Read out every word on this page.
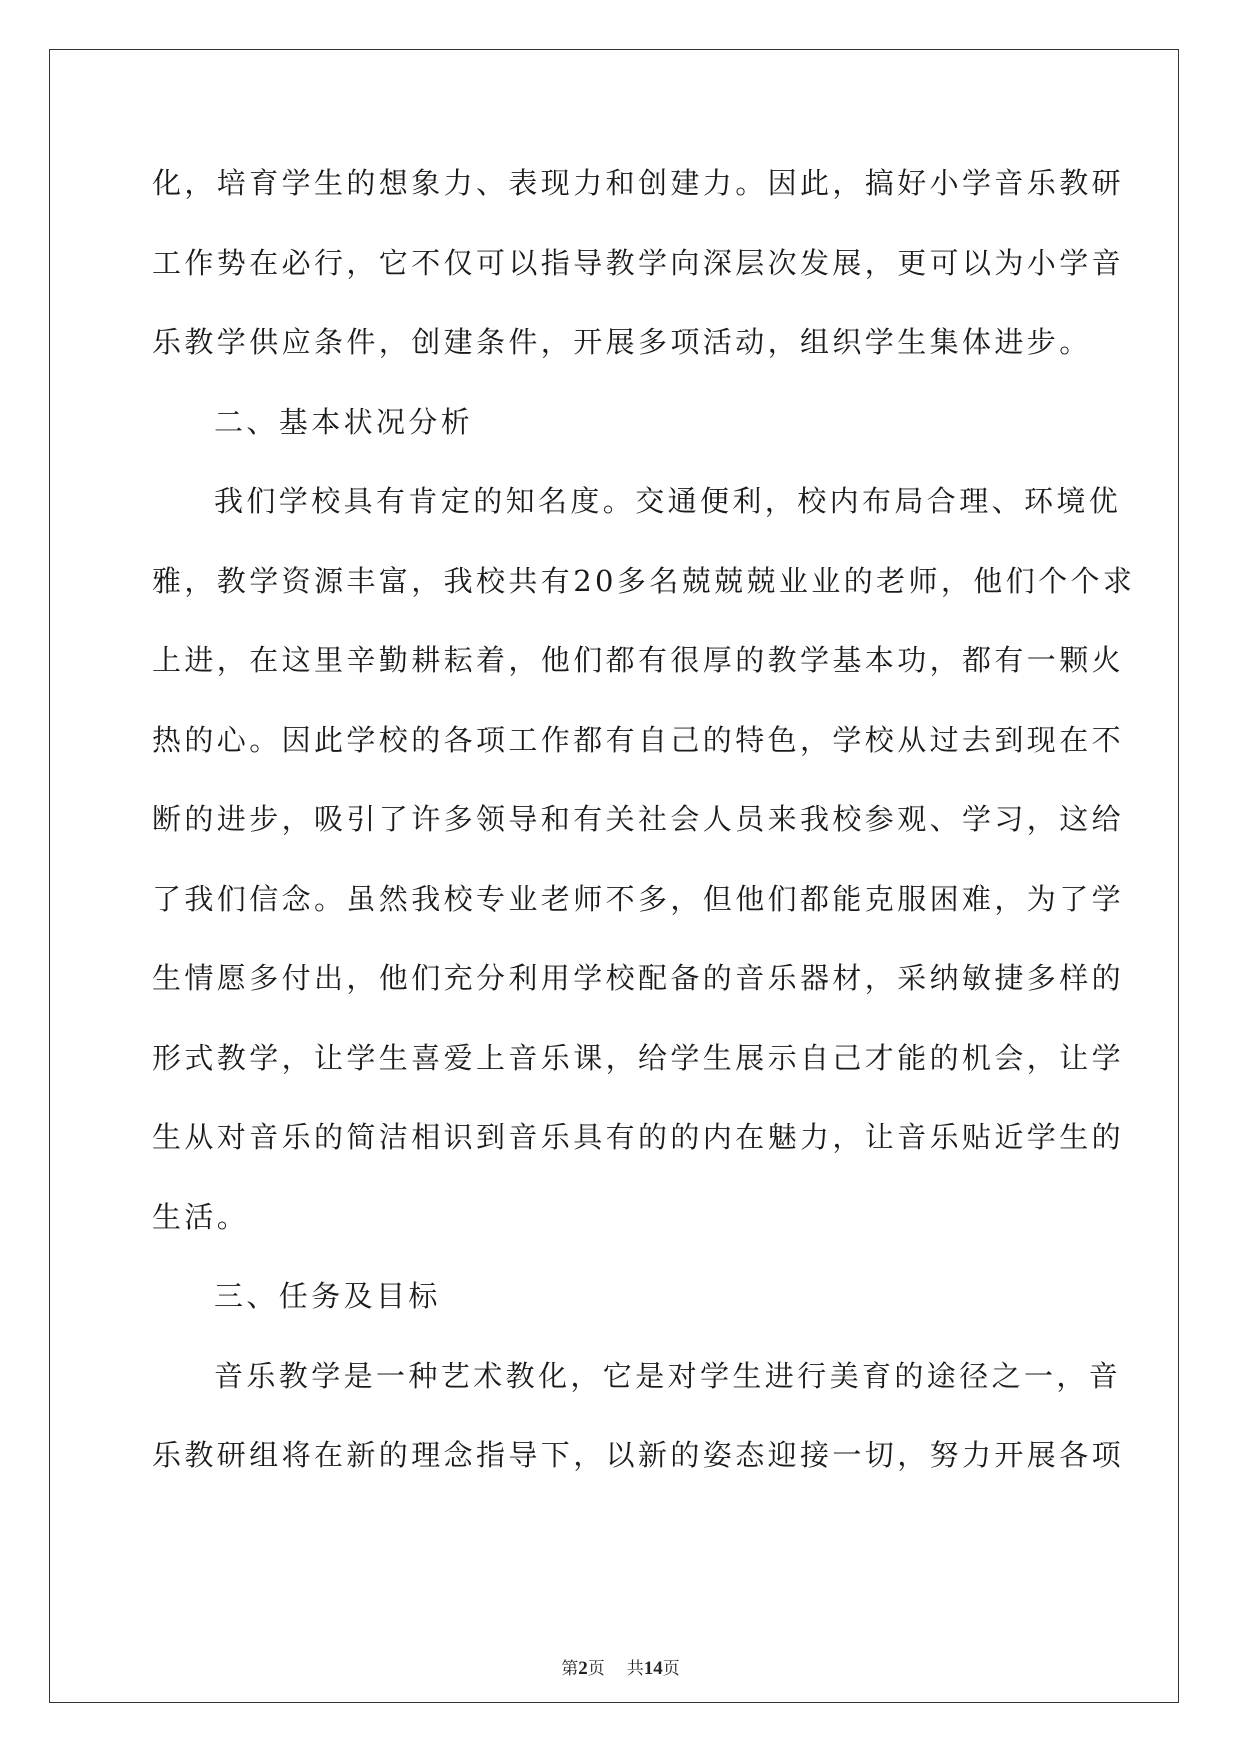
化，培育学生的想象力、表现力和创建力。因此，搞好小学音乐教研
工作势在必行，它不仅可以指导教学向深层次发展，更可以为小学音
乐教学供应条件，创建条件，开展多项活动，组织学生集体进步。
二、基本状况分析
我们学校具有肯定的知名度。交通便利，校内布局合理、环境优
雅，教学资源丰富，我校共有20多名兢兢兢业业的老师，他们个个求
上进，在这里辛勤耕耘着，他们都有很厚的教学基本功，都有一颗火
热的心。因此学校的各项工作都有自己的特色，学校从过去到现在不
断的进步，吸引了许多领导和有关社会人员来我校参观、学习，这给
了我们信念。虽然我校专业老师不多，但他们都能克服困难，为了学
生情愿多付出，他们充分利用学校配备的音乐器材，采纳敏捷多样的
形式教学，让学生喜爱上音乐课，给学生展示自己才能的机会，让学
生从对音乐的简洁相识到音乐具有的的内在魅力，让音乐贴近学生的
生活。
三、任务及目标
音乐教学是一种艺术教化，它是对学生进行美育的途径之一，音
乐教研组将在新的理念指导下，以新的姿态迎接一切，努力开展各项
第2页 共14页
